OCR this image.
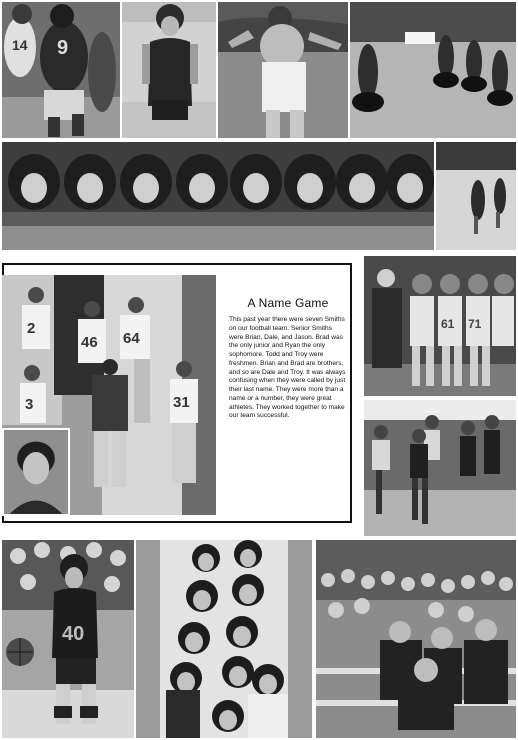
14 9
2
46 64
3	31
A Name Game

This past year there were seven Smiths on our football team. Senior Smiths were Brian, Dale, and Jason. Brad was the only junior and Ryan the only sophomore. Todd and Troy were freshmen. Brian and Brad are brothers, and so are Dale and Troy. It was always confusing when they were called by just their last name. They were more than a name or a number, they were great athletes. They worked together to make our team successful.

61 71
40
